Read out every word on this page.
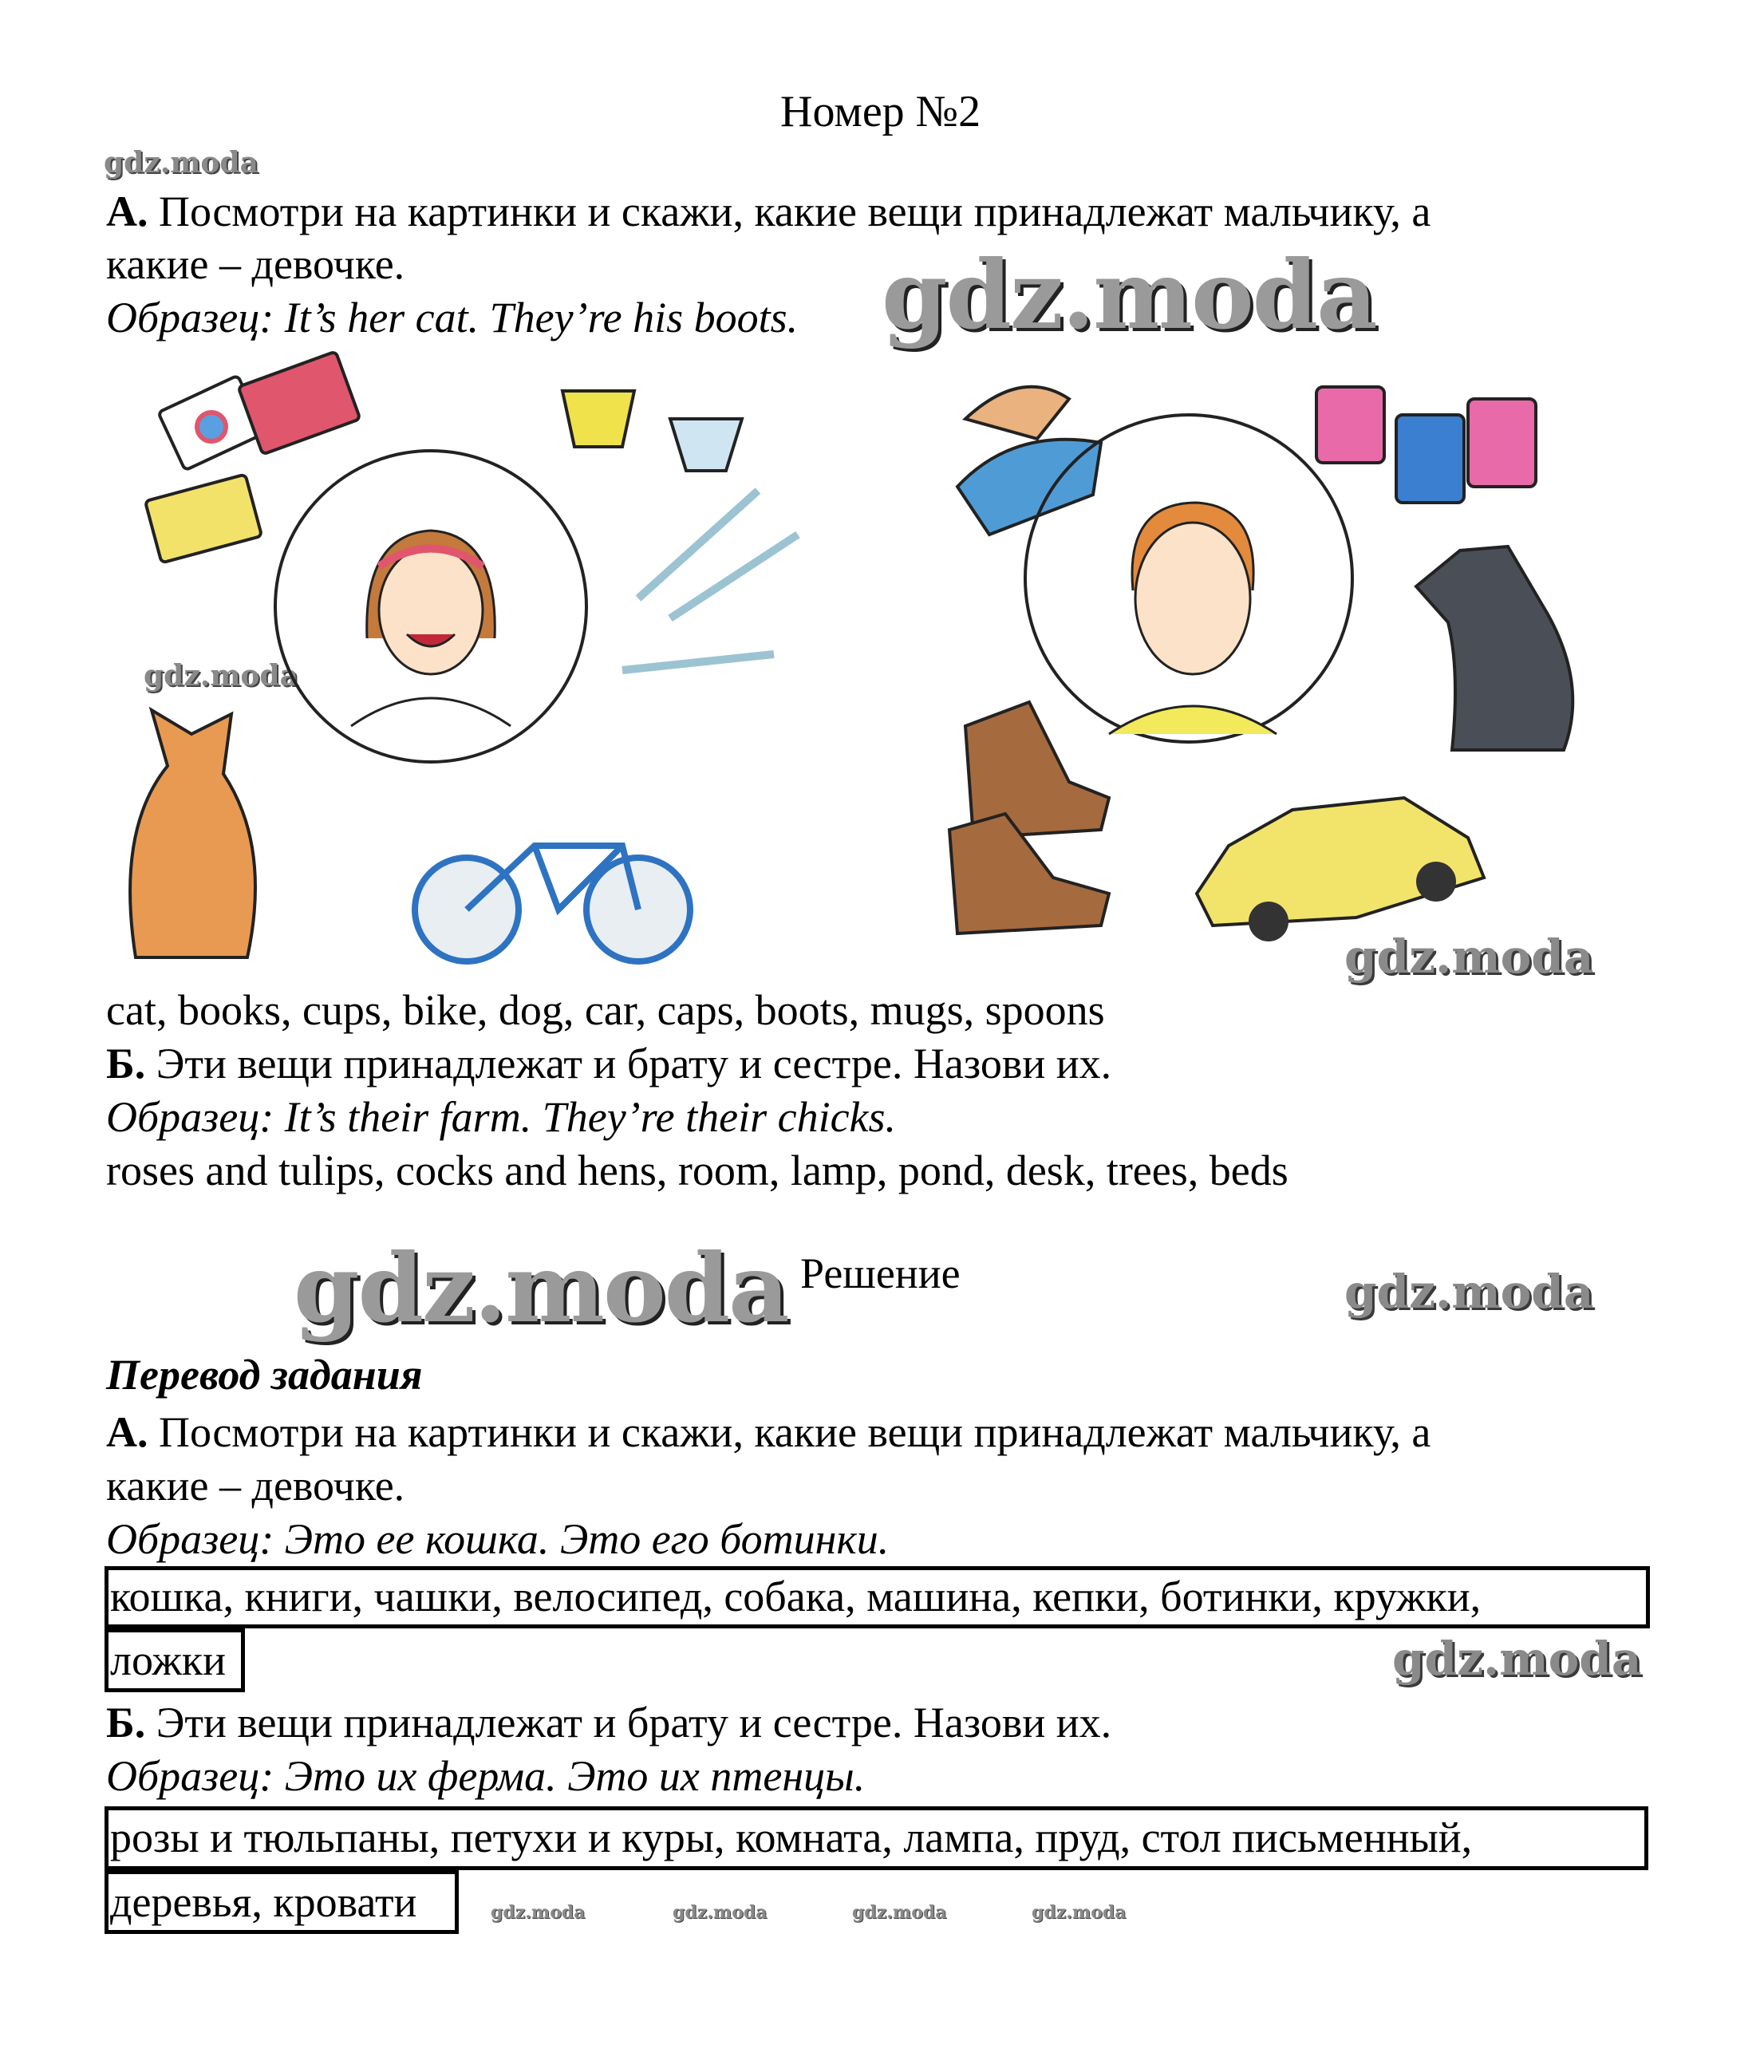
Номер №2
gdz.moda
gdz.moda
gdz.moda
gdz.moda
gdz.moda	gdz.moda
gdz.moda
gdz.moda	gdz.moda	gdz.moda	gdz.moda
А. Посмотри на картинки и скажи, какие вещи принадлежат мальчику, а
какие – девочке.
Образец: It’s her cat. They’re his boots.
cat, books, cups, bike, dog, car, caps, boots, mugs, spoons
Б. Эти вещи принадлежат и брату и сестре. Назови их.
Образец: It’s their farm. They’re their chicks.
roses and tulips, cocks and hens, room, lamp, pond, desk, trees, beds
Решение
Перевод задания
А. Посмотри на картинки и скажи, какие вещи принадлежат мальчику, а
какие – девочке.
Образец: Это ее кошка. Это его ботинки.
кошка, книги, чашки, велосипед, собака, машина, кепки, ботинки, кружки,
ложки
Б. Эти вещи принадлежат и брату и сестре. Назови их.
Образец: Это их ферма. Это их птенцы.
розы и тюльпаны, петухи и куры, комната, лампа, пруд, стол письменный,
деревья, кровати
